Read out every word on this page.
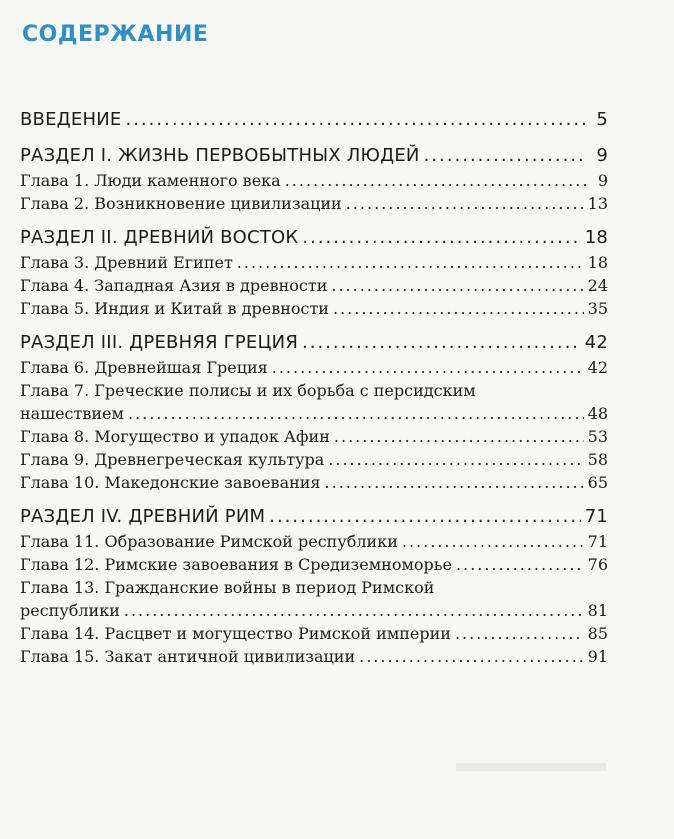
СОДЕРЖАНИЕ
ВВЕДЕНИЕ .....	5
РАЗДЕЛ I. ЖИЗНЬ ПЕРВОБЫТНЫХ ЛЮДЕЙ .....	9
Глава 1. Люди каменного века .....	9
Глава 2. Возникновение цивилизации .....	13
РАЗДЕЛ II. ДРЕВНИЙ ВОСТОК .....	18
Глава 3. Древний Египет .....	18
Глава 4. Западная Азия в древности .....	24
Глава 5. Индия и Китай в древности .....	35
РАЗДЕЛ III. ДРЕВНЯЯ ГРЕЦИЯ .....	42
Глава 6. Древнейшая Греция .....	42
Глава 7. Греческие полисы и их борьба с персидским
нашествием .....	48
Глава 8. Могущество и упадок Афин .....	53
Глава 9. Древнегреческая культура .....	58
Глава 10. Македонские завоевания .....	65
РАЗДЕЛ IV. ДРЕВНИЙ РИМ .....	71
Глава 11. Образование Римской республики .....	71
Глава 12. Римские завоевания в Средиземноморье .....	76
Глава 13. Гражданские войны в период Римской
республики .....	81
Глава 14. Расцвет и могущество Римской империи .....	85
Глава 15. Закат античной цивилизации .....	91
